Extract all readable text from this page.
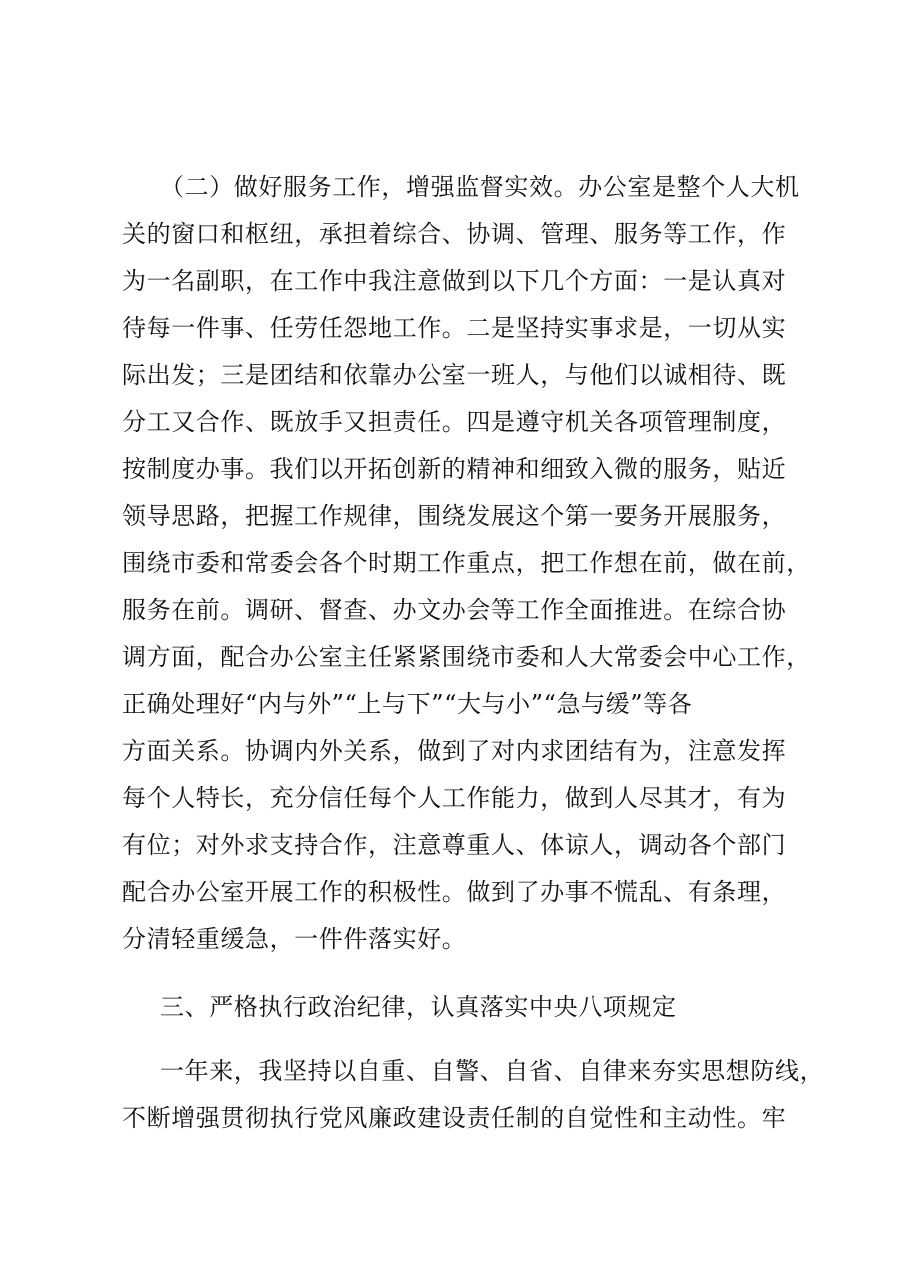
（二）做好服务工作，增强监督实效。办公室是整个人大机
关的窗口和枢纽，承担着综合、协调、管理、服务等工作，作
为一名副职，在工作中我注意做到以下几个方面：一是认真对
待每一件事、任劳任怨地工作。二是坚持实事求是，一切从实
际出发；三是团结和依靠办公室一班人，与他们以诚相待、既
分工又合作、既放手又担责任。四是遵守机关各项管理制度，
按制度办事。我们以开拓创新的精神和细致入微的服务，贴近
领导思路，把握工作规律，围绕发展这个第一要务开展服务，
围绕市委和常委会各个时期工作重点，把工作想在前，做在前，
服务在前。调研、督查、办文办会等工作全面推进。在综合协
调方面，配合办公室主任紧紧围绕市委和人大常委会中心工作，
正确处理好“内与外”“上与下”“大与小”“急与缓”等各
方面关系。协调内外关系，做到了对内求团结有为，注意发挥
每个人特长，充分信任每个人工作能力，做到人尽其才，有为
有位；对外求支持合作，注意尊重人、体谅人，调动各个部门
配合办公室开展工作的积极性。做到了办事不慌乱、有条理，
分清轻重缓急，一件件落实好。
三、严格执行政治纪律，认真落实中央八项规定
一年来，我坚持以自重、自警、自省、自律来夯实思想防线，
不断增强贯彻执行党风廉政建设责任制的自觉性和主动性。牢
